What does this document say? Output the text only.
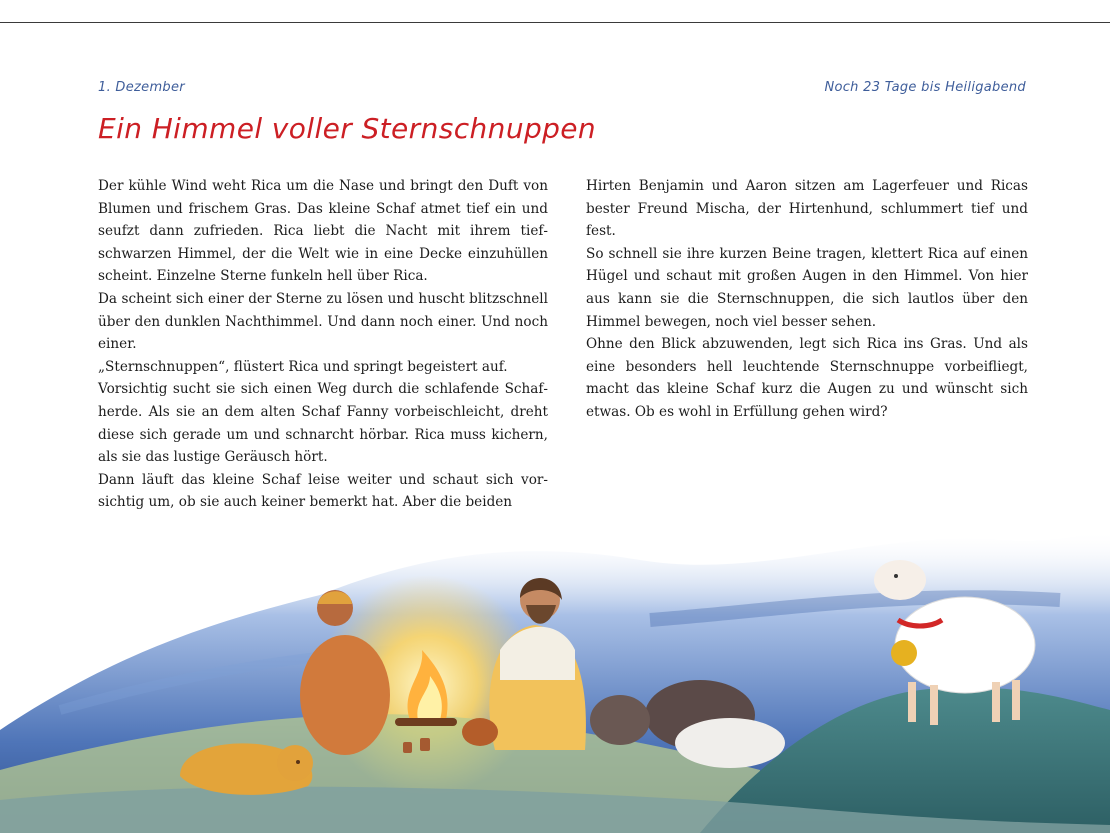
1. Dezember	Noch 23 Tage bis Heiligabend
Ein Himmel voller Sternschnuppen

Der kühle Wind weht Rica um die Nase und bringt den Duft von Blumen und frischem Gras. Das kleine Schaf atmet tief ein und seufzt dann zufrieden. Rica liebt die Nacht mit ihrem tiefschwarzen Himmel, der die Welt wie in eine Decke einzuhüllen scheint. Einzelne Sterne funkeln hell über Rica.

Da scheint sich einer der Sterne zu lösen und huscht blitzschnell über den dunklen Nachthimmel. Und dann noch einer. Und noch einer.

„Sternschnuppen“, flüstert Rica und springt begeistert auf.

Vorsichtig sucht sie sich einen Weg durch die schlafende Schafherde. Als sie an dem alten Schaf Fanny vorbeischleicht, dreht diese sich gerade um und schnarcht hörbar. Rica muss kichern, als sie das lustige Geräusch hört.

Dann läuft das kleine Schaf leise weiter und schaut sich vorsichtig um, ob sie auch keiner bemerkt hat. Aber die beiden

Hirten Benjamin und Aaron sitzen am Lagerfeuer und Ricas bester Freund Mischa, der Hirtenhund, schlummert tief und fest.

So schnell sie ihre kurzen Beine tragen, klettert Rica auf einen Hügel und schaut mit großen Augen in den Himmel. Von hier aus kann sie die Sternschnuppen, die sich lautlos über den Himmel bewegen, noch viel besser sehen.

Ohne den Blick abzuwenden, legt sich Rica ins Gras. Und als eine besonders hell leuchtende Sternschnuppe vorbeifliegt, macht das kleine Schaf kurz die Augen zu und wünscht sich etwas. Ob es wohl in Erfüllung gehen wird?
